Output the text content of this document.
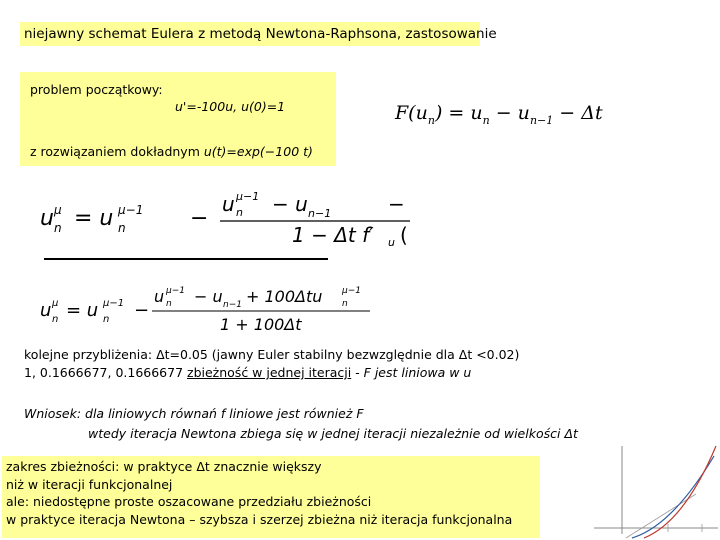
niejawny schemat Eulera z metodą Newtona-Raphsona, zastosowanie
problem początkowy:
u'=-100u, u(0)=1
z rozwiązaniem dokładnym u(t)=exp(−100 t)
$F(u_n) = u_n - u_{n-1} - \Delta t$
u μ
n = u μ−1
n	−
u μ−1
n − u n−1	−
1 − Δt f′ u (
u μ
n = u μ−1
n −
u μ−1
n − u n−1 + 100Δtu μ−1
n
1 + 100Δt
kolejne przybliżenia: Δt=0.05 (jawny Euler stabilny bezwzględnie dla Δt <0.02)
1, 0.1666677, 0.1666677 zbieżność w jednej iteracji - F jest liniowa w u
Wniosek: dla liniowych równań f liniowe jest również F
wtedy iteracja Newtona zbiega się w jednej iteracji niezależnie od wielkości Δt
zakres zbieżności: w praktyce Δt znacznie większy
niż w iteracji funkcjonalnej
ale: niedostępne proste oszacowane przedziału zbieżności
w praktyce iteracja Newtona – szybsza i szerzej zbieżna niż iteracja funkcjonalna
